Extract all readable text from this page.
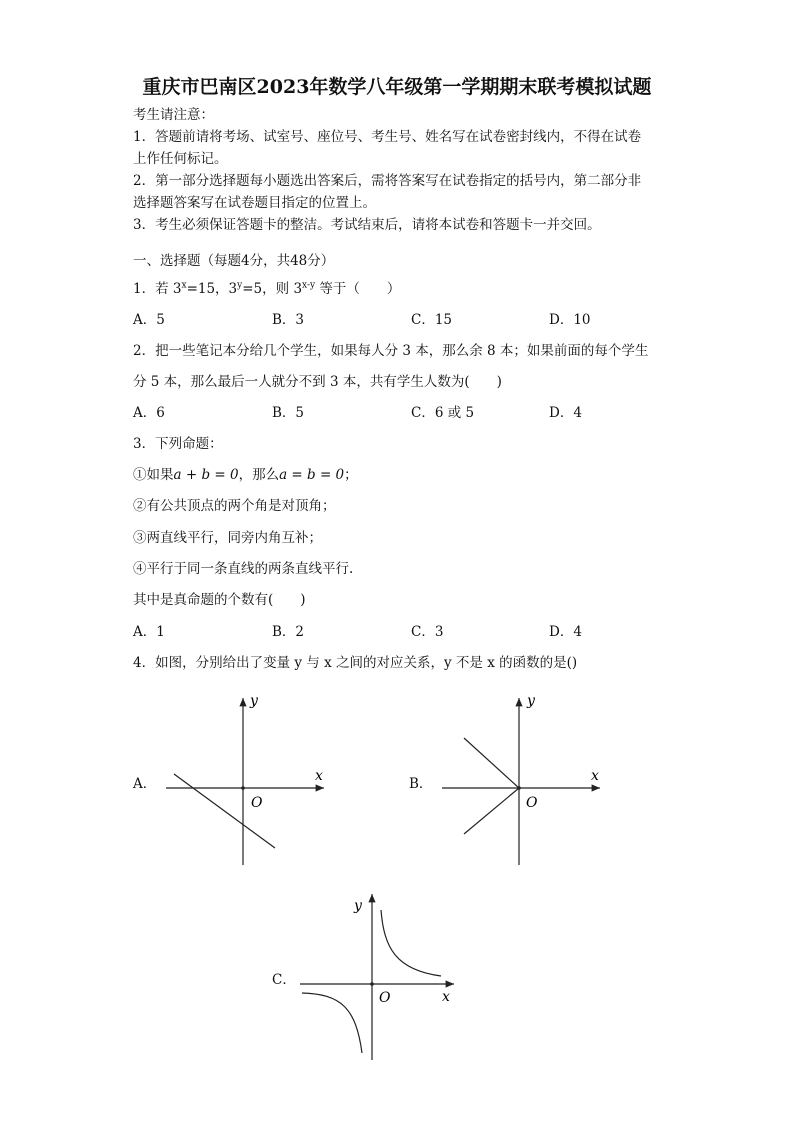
重庆市巴南区2023年数学八年级第一学期期末联考模拟试题
考生请注意：
1．答题前请将考场、试室号、座位号、考生号、姓名写在试卷密封线内，不得在试卷
上作任何标记。
2．第一部分选择题每小题选出答案后，需将答案写在试卷指定的括号内，第二部分非
选择题答案写在试卷题目指定的位置上。
3．考生必须保证答题卡的整洁。考试结束后，请将本试卷和答题卡一并交回。
一、选择题（每题4分，共48分）
1．若 $3^x=15$，$3^y=5$，则 3$^{x-y}$ 等于（　　）
A．5	B．3	C．15	D．10
2．把一些笔记本分给几个学生，如果每人分 3 本，那么余 8 本；如果前面的每个学生
分 5 本，那么最后一人就分不到 3 本，共有学生人数为(　　)
A．6	B．5	C．6 或 5	D．4
3．下列命题：
①如果a + b = 0，那么a = b = 0；
②有公共顶点的两个角是对顶角；
③两直线平行，同旁内角互补；
④平行于同一条直线的两条直线平行.
其中是真命题的个数有(　　)
A．1	B．2	C．3	D．4
4．如图，分别给出了变量 y 与 x 之间的对应关系，y 不是 x 的函数的是()
A．	x
y
O
B．	x
y
O
C．
x
y
O
